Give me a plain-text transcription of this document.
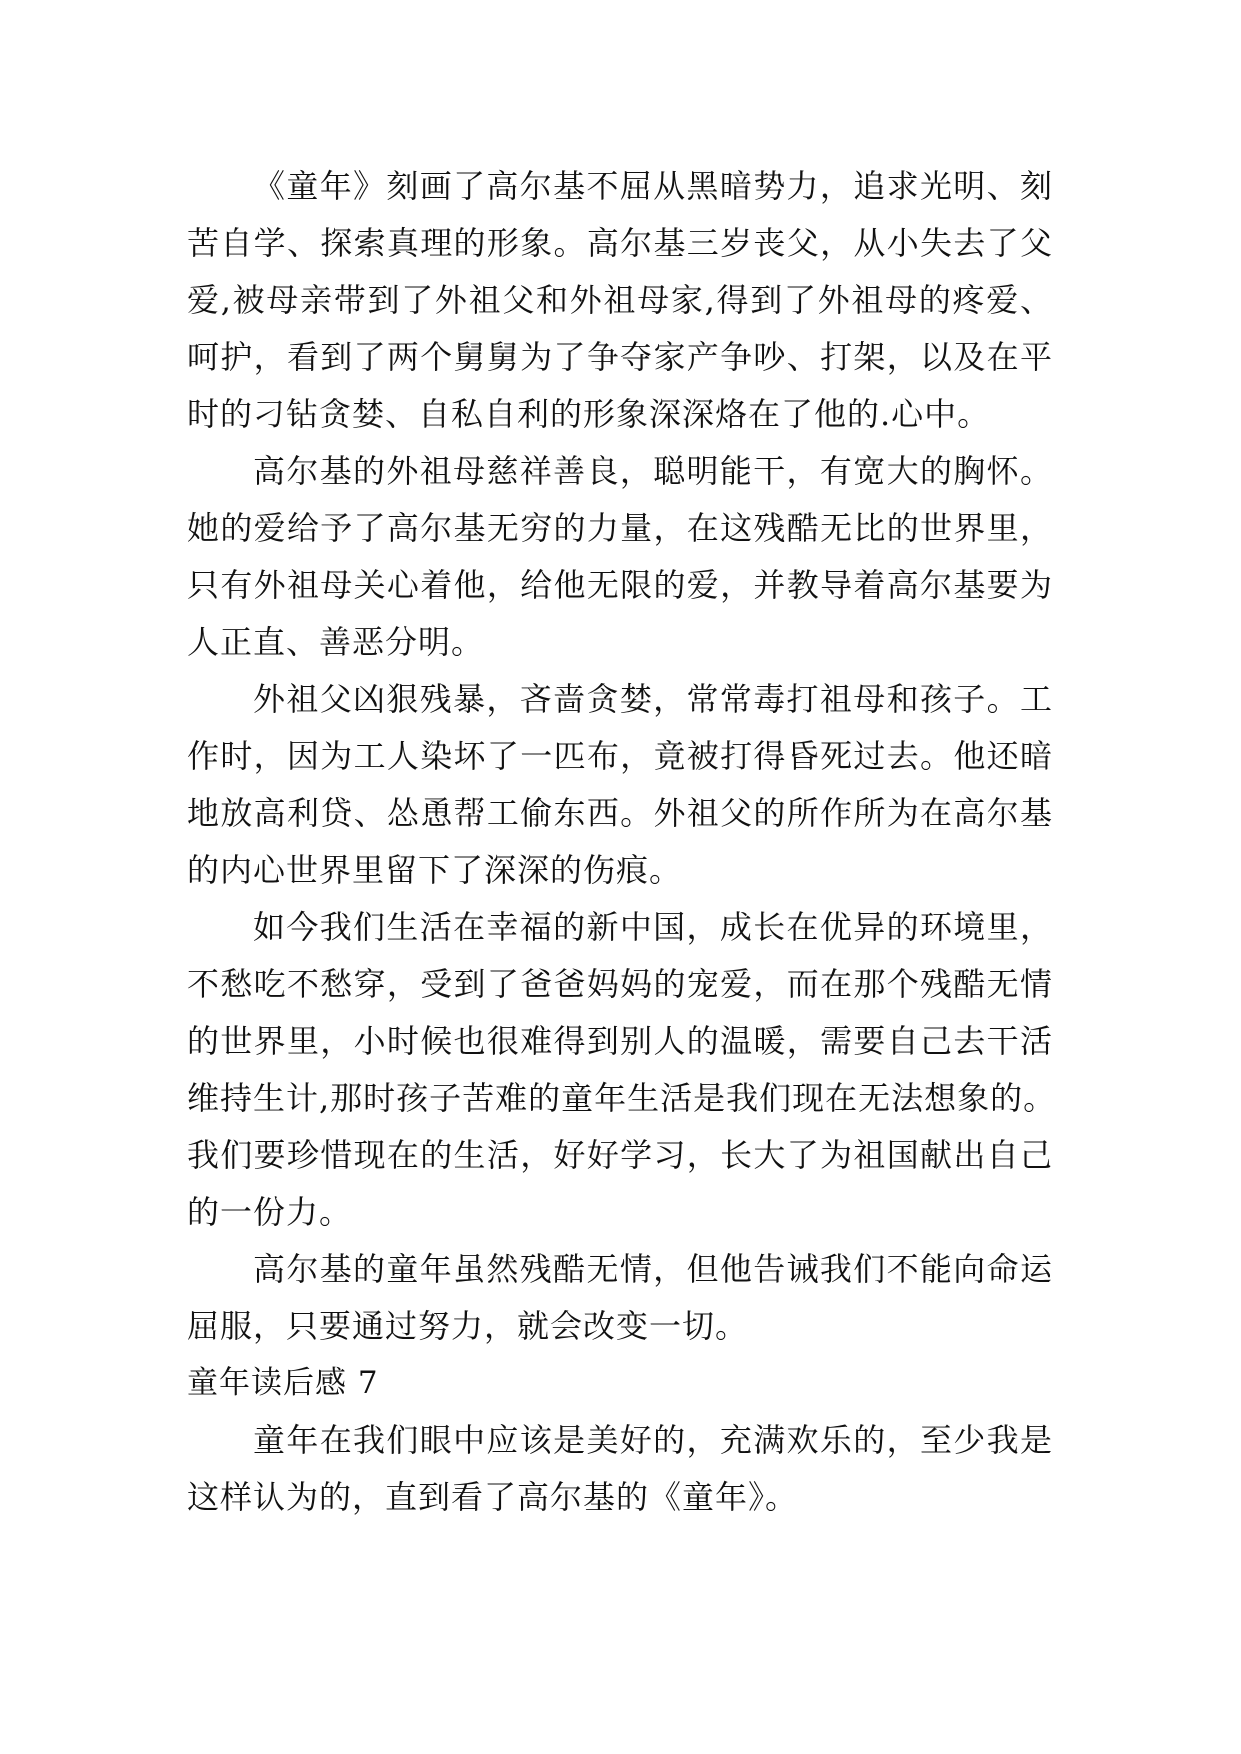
《童年》刻画了高尔基不屈从黑暗势力，追求光明、刻
苦自学、探索真理的形象。高尔基三岁丧父，从小失去了父
爱,被母亲带到了外祖父和外祖母家,得到了外祖母的疼爱、
呵护，看到了两个舅舅为了争夺家产争吵、打架，以及在平
时的刁钻贪婪、自私自利的形象深深烙在了他的.心中。
高尔基的外祖母慈祥善良，聪明能干，有宽大的胸怀。
她的爱给予了高尔基无穷的力量，在这残酷无比的世界里，
只有外祖母关心着他，给他无限的爱，并教导着高尔基要为
人正直、善恶分明。
外祖父凶狠残暴，吝啬贪婪，常常毒打祖母和孩子。工
作时，因为工人染坏了一匹布，竟被打得昏死过去。他还暗
地放高利贷、怂恿帮工偷东西。外祖父的所作所为在高尔基
的内心世界里留下了深深的伤痕。
如今我们生活在幸福的新中国，成长在优异的环境里，
不愁吃不愁穿，受到了爸爸妈妈的宠爱，而在那个残酷无情
的世界里，小时候也很难得到别人的温暖，需要自己去干活
维持生计,那时孩子苦难的童年生活是我们现在无法想象的。
我们要珍惜现在的生活，好好学习，长大了为祖国献出自己
的一份力。
高尔基的童年虽然残酷无情，但他告诫我们不能向命运
屈服，只要通过努力，就会改变一切。
童年读后感 7
童年在我们眼中应该是美好的，充满欢乐的，至少我是
这样认为的，直到看了高尔基的《童年》。
